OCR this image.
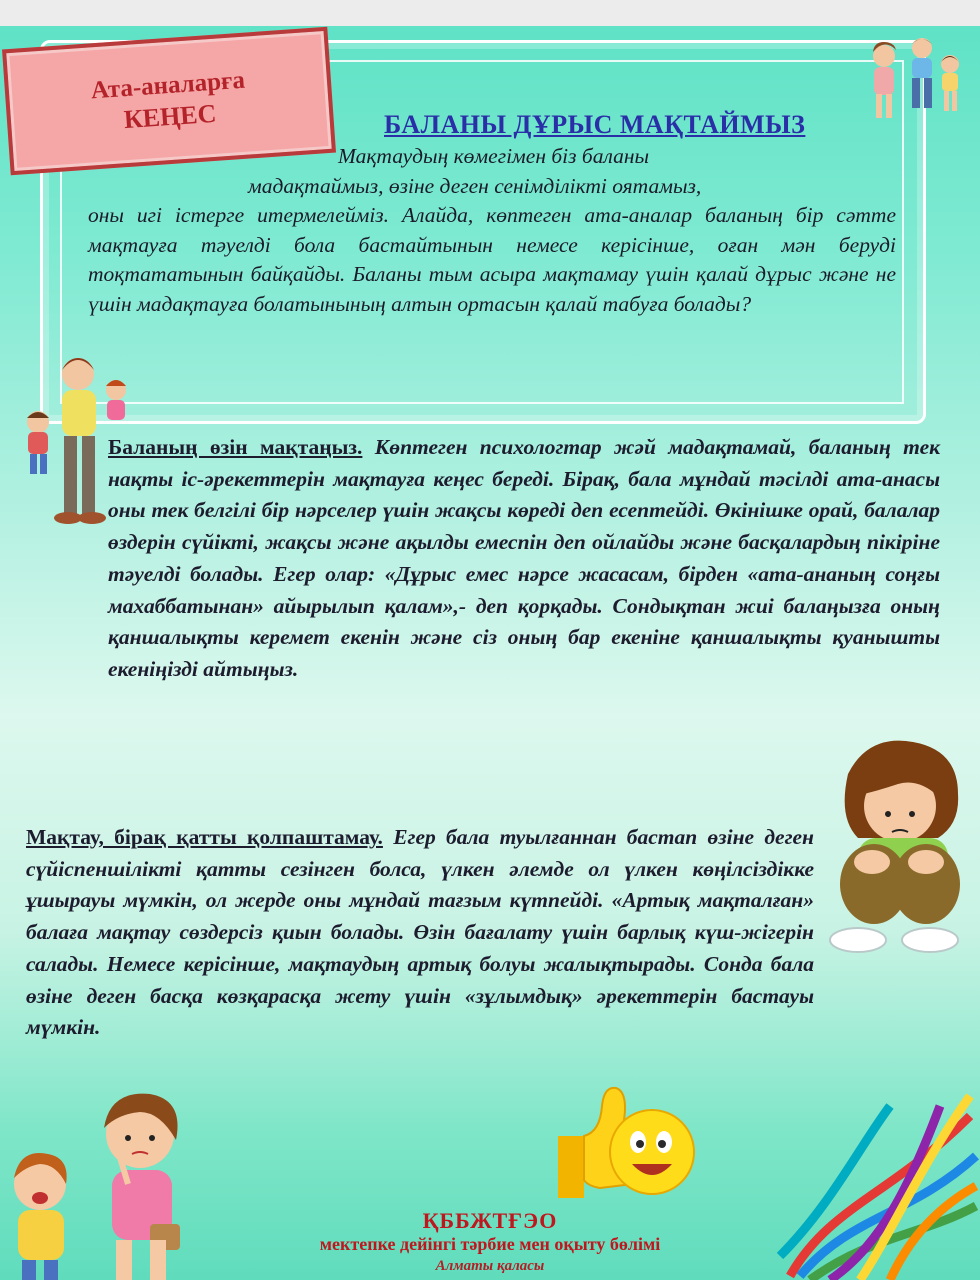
Ата-аналарға
КЕҢЕС	БАЛАНЫ ДҰРЫС МАҚТАЙМЫЗ
Мақтаудың көмегімен біз баланы
мадақтаймыз, өзіне деген сенімділікті оятамыз,
оны игі істерге итермелейміз. Алайда, көптеген ата-аналар баланың бір сәтте мақтауға тәуелді бола бастайтынын немесе керісінше, оған мән беруді тоқтататынын байқайды. Баланы тым асыра мақтамау үшін қалай дұрыс және не үшін мадақтауға болатынының алтын ортасын қалай табуға болады?
Баланың өзін мақтаңыз. Көптеген психологтар жәй мадақтамай, баланың тек нақты іс-әрекеттерін мақтауға кеңес береді. Бірақ, бала мұндай тәсілді ата-анасы оны тек белгілі бір нәрселер үшін жақсы көреді деп есептейді. Өкінішке орай, балалар өздерін сүйікті, жақсы және ақылды емеспін деп ойлайды және басқалардың пікіріне тәуелді болады. Егер олар: «Дұрыс емес нәрсе жасасам, бірден «ата-ананың соңғы махаббатынан» айырылып қалам»,- деп қорқады. Сондықтан жиі балаңызға оның қаншалықты керемет екенін және сіз оның бар екеніне қаншалықты қуанышты екеніңізді айтыңыз.
Мақтау, бірақ қатты қолпаштамау. Егер бала туылғаннан бастап өзіне деген сүйіспеншілікті қатты сезінген болса, үлкен әлемде ол үлкен көңілсіздікке ұшырауы мүмкін, ол жерде оны мұндай тағзым күтпейді. «Артық мақталған» балаға мақтау сөздерсіз қиын болады. Өзін бағалату үшін барлық күш-жігерін салады. Немесе керісінше, мақтаудың артық болуы жалықтырады. Сонда бала өзіне деген басқа көзқарасқа жету үшін «зұлымдық» әрекеттерін бастауы мүмкін.
ҚББЖТҒЭО
мектепке дейінгі тәрбие мен оқыту бөлімі
Алматы қаласы
